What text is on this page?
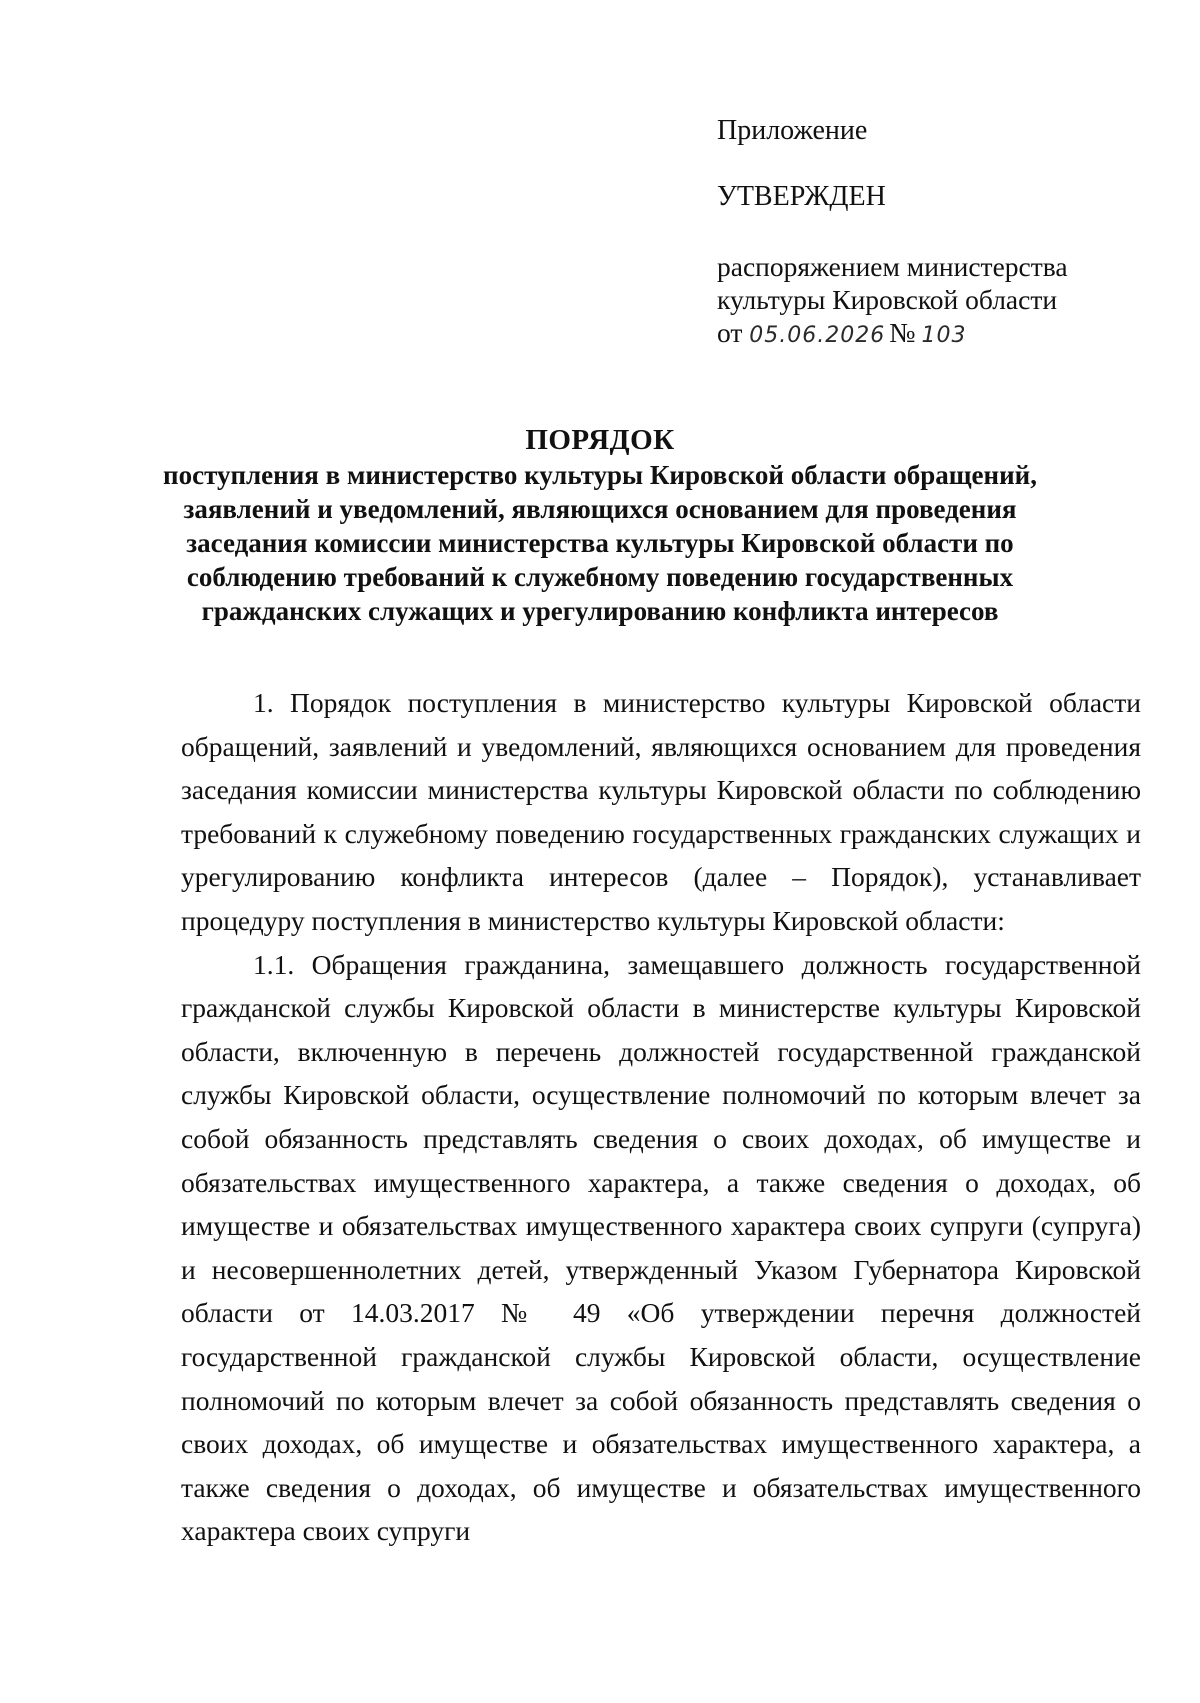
Приложение
УТВЕРЖДЕН
распоряжением министерства
культуры Кировской области
от 05.06.2026 № 103
ПОРЯДОК

поступления в министерство культуры Кировской области обращений, заявлений и уведомлений, являющихся основанием для проведения заседания комиссии министерства культуры Кировской области по соблюдению требований к служебному поведению государственных гражданских служащих и урегулированию конфликта интересов

1. Порядок поступления в министерство культуры Кировской области обращений, заявлений и уведомлений, являющихся основанием для проведения заседания комиссии министерства культуры Кировской области по соблюдению требований к служебному поведению государственных гражданских служащих и урегулированию конфликта интересов (далее – Порядок), устанавливает процедуру поступления в министерство культуры Кировской области:

1.1. Обращения гражданина, замещавшего должность государственной гражданской службы Кировской области в министерстве культуры Кировской области, включенную в перечень должностей государственной гражданской службы Кировской области, осуществление полномочий по которым влечет за собой обязанность представлять сведения о своих доходах, об имуществе и обязательствах имущественного характера, а также сведения о доходах, об имуществе и обязательствах имущественного характера своих супруги (супруга) и несовершеннолетних детей, утвержденный Указом Губернатора Кировской области от 14.03.2017 № 49 «Об утверждении перечня должностей государственной гражданской службы Кировской области, осуществление полномочий по которым влечет за собой обязанность представлять сведения о своих доходах, об имуществе и обязательствах имущественного характера, а также сведения о доходах, об имуществе и обязательствах имущественного характера своих супруги
